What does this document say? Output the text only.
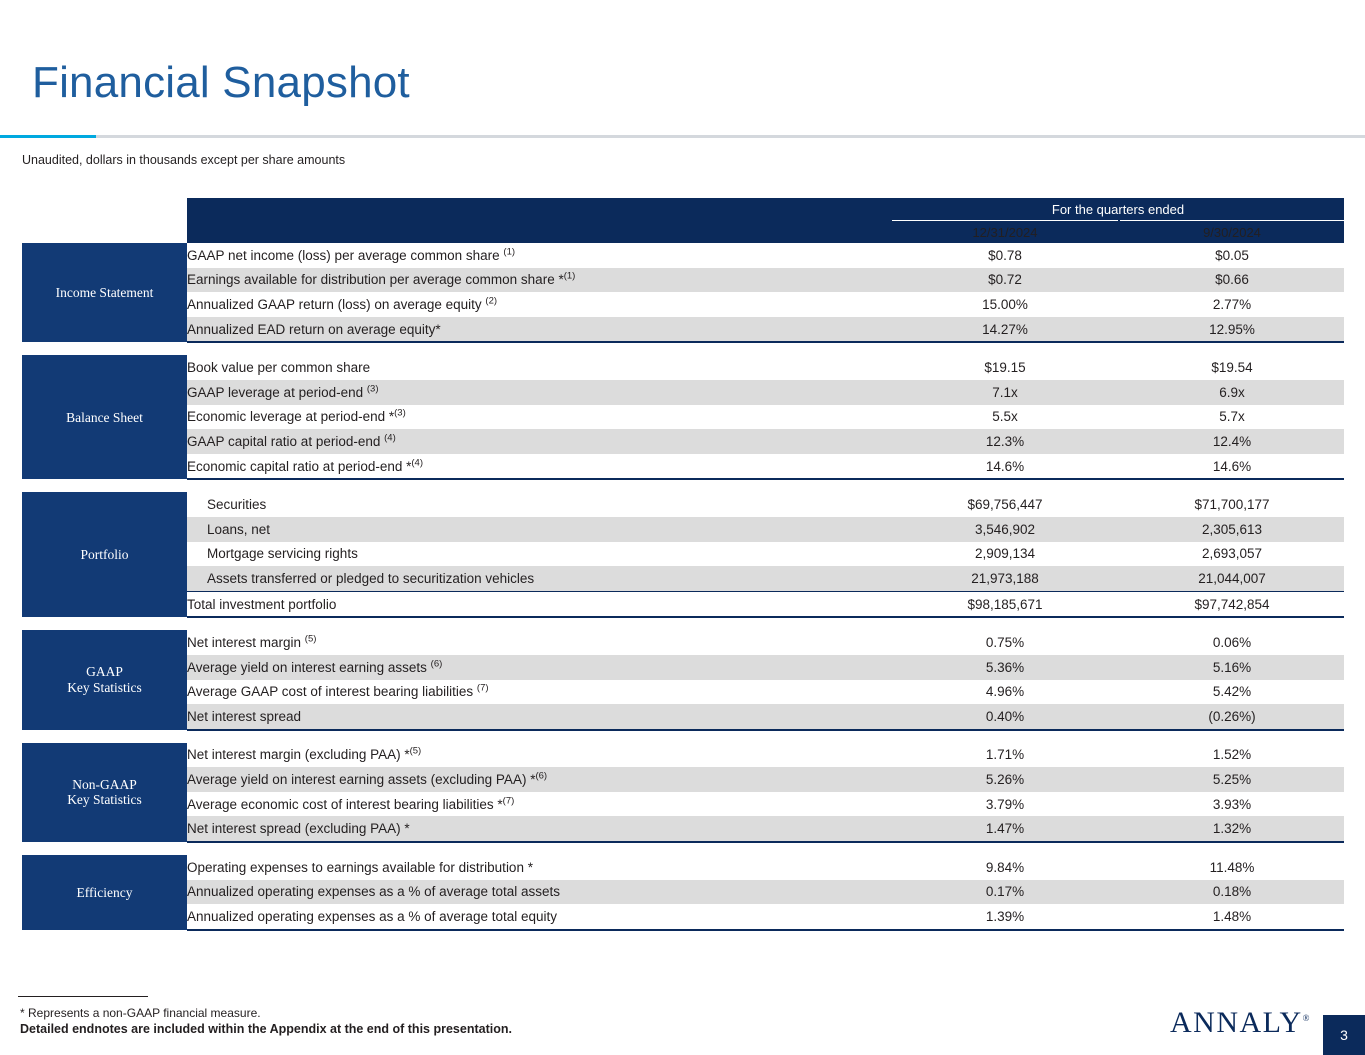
Financial Snapshot
Unaudited, dollars in thousands except per share amounts
		For the quarters ended		
		12/31/2024		9/30/2024

Income Statement	GAAP net income (loss) per average common share $^{(1)}$	$0.78		$0.05
	Earnings available for distribution per average common share *$^{(1)}$	$0.72		$0.66
	Annualized GAAP return (loss) on average equity $^{(2)}$	15.00%		2.77%
	Annualized EAD return on average equity*	14.27%		12.95%

Balance Sheet	Book value per common share	$19.15		$19.54
	GAAP leverage at period-end $^{(3)}$	7.1x		6.9x
	Economic leverage at period-end *$^{(3)}$	5.5x		5.7x
	GAAP capital ratio at period-end $^{(4)}$	12.3%		12.4%
	Economic capital ratio at period-end *$^{(4)}$	14.6%		14.6%

Portfolio	Securities	$69,756,447		$71,700,177
	Loans, net	3,546,902		2,305,613
	Mortgage servicing rights	2,909,134		2,693,057
	Assets transferred or pledged to securitization vehicles	21,973,188		21,044,007
	Total investment portfolio	$98,185,671		$97,742,854

GAAP
Key Statistics	Net interest margin $^{(5)}$	0.75%		0.06%
	Average yield on interest earning assets $^{(6)}$	5.36%		5.16%
	Average GAAP cost of interest bearing liabilities $^{(7)}$	4.96%		5.42%
	Net interest spread	0.40%		(0.26%)

Non-GAAP
Key Statistics	Net interest margin (excluding PAA) *$^{(5)}$	1.71%		1.52%
	Average yield on interest earning assets (excluding PAA) *$^{(6)}$	5.26%		5.25%
	Average economic cost of interest bearing liabilities *$^{(7)}$	3.79%		3.93%
	Net interest spread (excluding PAA) *	1.47%		1.32%

Efficiency	Operating expenses to earnings available for distribution *	9.84%		11.48%
	Annualized operating expenses as a % of average total assets	0.17%		0.18%
	Annualized operating expenses as a % of average total equity	1.39%		1.48%
* Represents a non-GAAP financial measure.
Detailed endnotes are included within the Appendix at the end of this presentation.	ANNALY®
3
